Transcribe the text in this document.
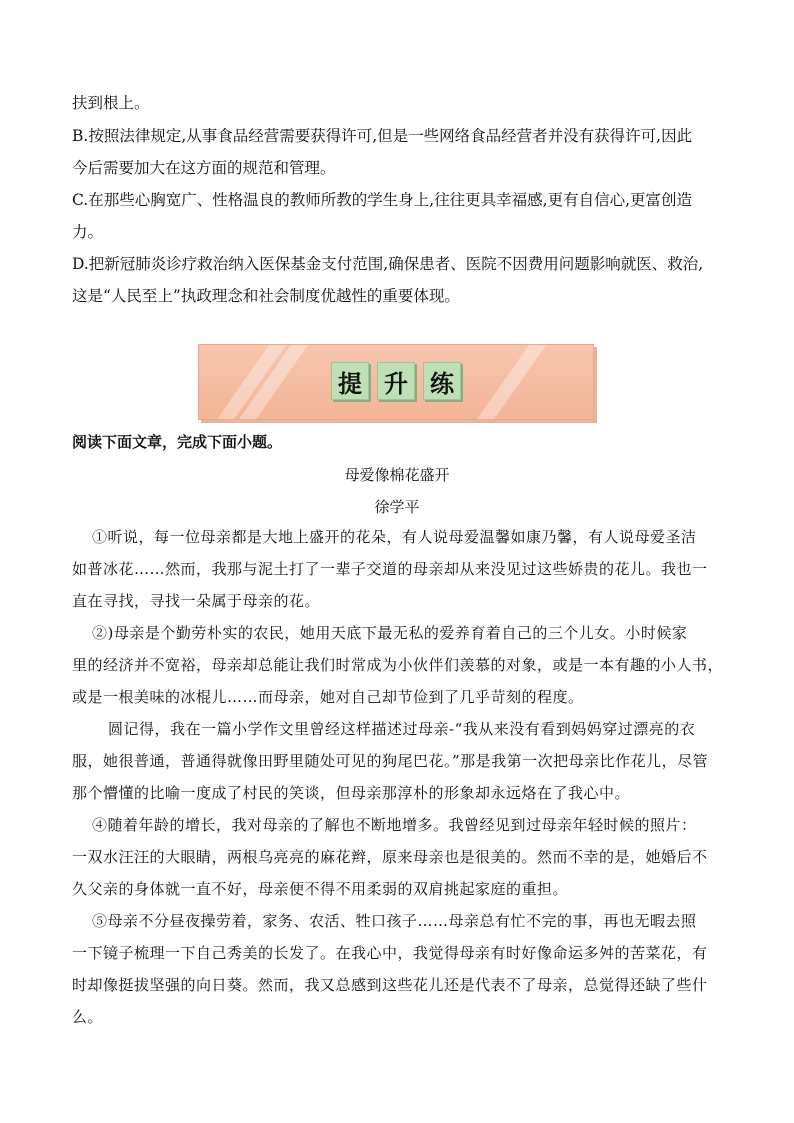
扶到根上。

B.按照法律规定,从事食品经营需要获得许可,但是一些网络食品经营者并没有获得许可,因此

今后需要加大在这方面的规范和管理。

C.在那些心胸宽广、性格温良的教师所教的学生身上,往往更具幸福感,更有自信心,更富创造

力。

D.把新冠肺炎诊疗救治纳入医保基金支付范围,确保患者、医院不因费用问题影响就医、救治,

这是“人民至上”执政理念和社会制度优越性的重要体现。

提 升 练

阅读下面文章，完成下面小题。

母爱像棉花盛开

徐学平

①听说，每一位母亲都是大地上盛开的花朵，有人说母爱温馨如康乃馨，有人说母爱圣洁

如普冰花……然而，我那与泥土打了一辈子交道的母亲却从来没见过这些娇贵的花儿。我也一

直在寻找，寻找一朵属于母亲的花。

②)母亲是个勤劳朴实的农民，她用天底下最无私的爱养育着自己的三个儿女。小时候家

里的经济并不宽裕，母亲却总能让我们时常成为小伙伴们羡慕的对象，或是一本有趣的小人书，

或是一根美味的冰棍儿……而母亲，她对自己却节俭到了几乎苛刻的程度。

圆记得，我在一篇小学作文里曾经这样描述过母亲-“我从来没有看到妈妈穿过漂亮的衣

服，她很普通，普通得就像田野里随处可见的狗尾巴花。”那是我第一次把母亲比作花儿，尽管

那个懵懂的比喻一度成了村民的笑谈，但母亲那淳朴的形象却永远烙在了我心中。

④随着年龄的增长，我对母亲的了解也不断地增多。我曾经见到过母亲年轻时候的照片：

一双水汪汪的大眼睛，两根乌亮亮的麻花辫，原来母亲也是很美的。然而不幸的是，她婚后不

久父亲的身体就一直不好，母亲便不得不用柔弱的双肩挑起家庭的重担。

⑤母亲不分昼夜操劳着，家务、农活、牲口孩子……母亲总有忙不完的事，再也无暇去照

一下镜子梳理一下自己秀美的长发了。在我心中，我觉得母亲有时好像命运多舛的苦菜花，有

时却像挺拔坚强的向日葵。然而，我又总感到这些花儿还是代表不了母亲，总觉得还缺了些什

么。
